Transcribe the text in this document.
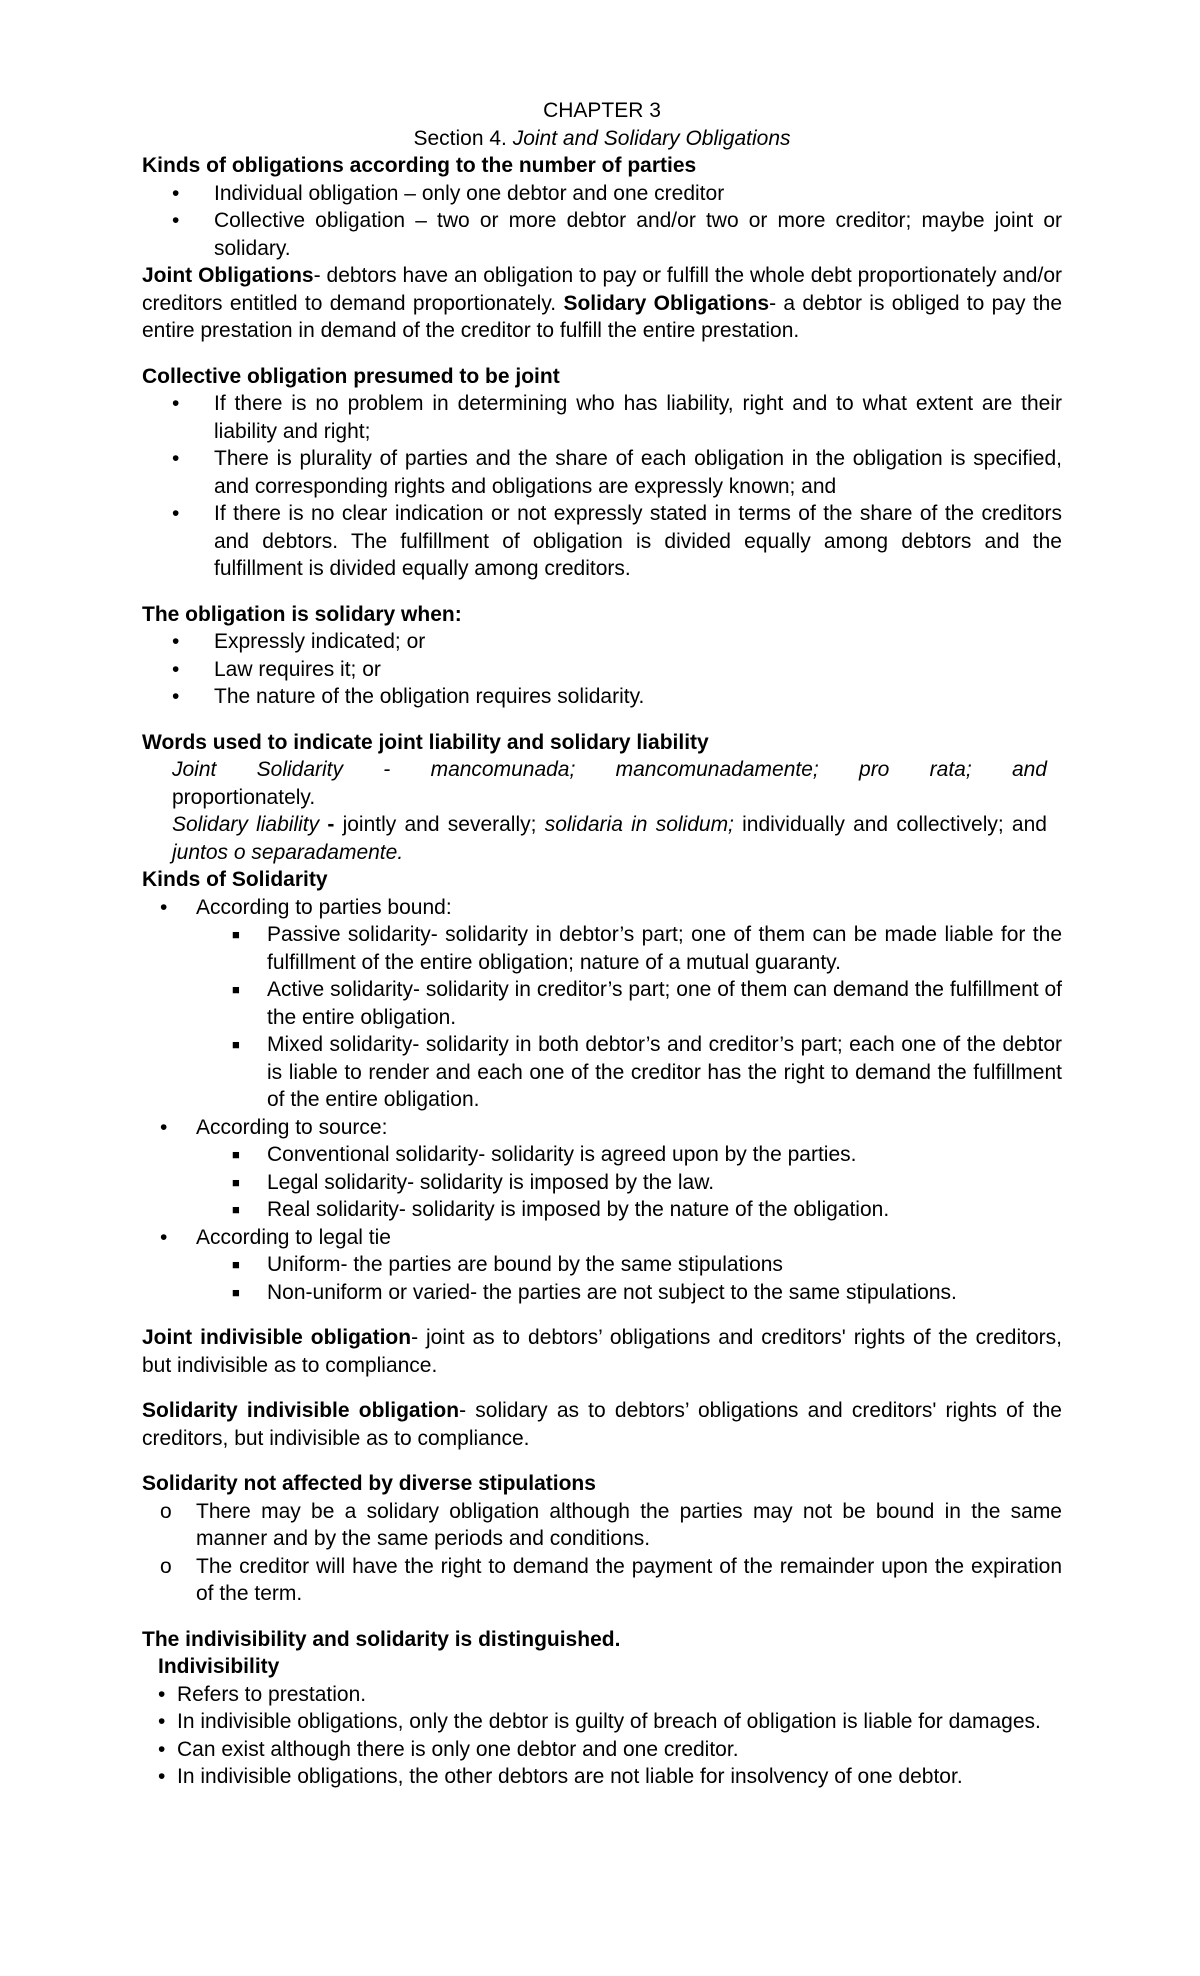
CHAPTER 3
Section 4. Joint and Solidary Obligations
Kinds of obligations according to the number of parties
• Individual obligation – only one debtor and one creditor
• Collective obligation – two or more debtor and/or two or more creditor; maybe joint or solidary.
Joint Obligations- debtors have an obligation to pay or fulfill the whole debt proportionately and/or creditors entitled to demand proportionately. Solidary Obligations- a debtor is obliged to pay the entire prestation in demand of the creditor to fulfill the entire prestation.
Collective obligation presumed to be joint
• If there is no problem in determining who has liability, right and to what extent are their liability and right;
• There is plurality of parties and the share of each obligation in the obligation is specified, and corresponding rights and obligations are expressly known; and
• If there is no clear indication or not expressly stated in terms of the share of the creditors and debtors. The fulfillment of obligation is divided equally among debtors and the fulfillment is divided equally among creditors.
The obligation is solidary when:
• Expressly indicated; or
• Law requires it; or
• The nature of the obligation requires solidarity.
Words used to indicate joint liability and solidary liability
Joint Solidarity - mancomunada; mancomunadamente; pro rata; and
proportionately.
Solidary liability - jointly and severally; solidaria in solidum; individually and collectively; and juntos o separadamente.
Kinds of Solidarity
• According to parties bound:
■ Passive solidarity- solidarity in debtor’s part; one of them can be made liable for the fulfillment of the entire obligation; nature of a mutual guaranty.
■ Active solidarity- solidarity in creditor’s part; one of them can demand the fulfillment of the entire obligation.
■ Mixed solidarity- solidarity in both debtor’s and creditor’s part; each one of the debtor is liable to render and each one of the creditor has the right to demand the fulfillment of the entire obligation.
• According to source:
■ Conventional solidarity- solidarity is agreed upon by the parties.
■ Legal solidarity- solidarity is imposed by the law.
■ Real solidarity- solidarity is imposed by the nature of the obligation.
• According to legal tie
■ Uniform- the parties are bound by the same stipulations
■ Non-uniform or varied- the parties are not subject to the same stipulations.
Joint indivisible obligation- joint as to debtors’ obligations and creditors' rights of the creditors, but indivisible as to compliance.
Solidarity indivisible obligation- solidary as to debtors’ obligations and creditors' rights of the creditors, but indivisible as to compliance.
Solidarity not affected by diverse stipulations
o There may be a solidary obligation although the parties may not be bound in the same manner and by the same periods and conditions.
o The creditor will have the right to demand the payment of the remainder upon the expiration of the term.
The indivisibility and solidarity is distinguished.
Indivisibility
• Refers to prestation.
• In indivisible obligations, only the debtor is guilty of breach of obligation is liable for damages.
• Can exist although there is only one debtor and one creditor.
• In indivisible obligations, the other debtors are not liable for insolvency of one debtor.
